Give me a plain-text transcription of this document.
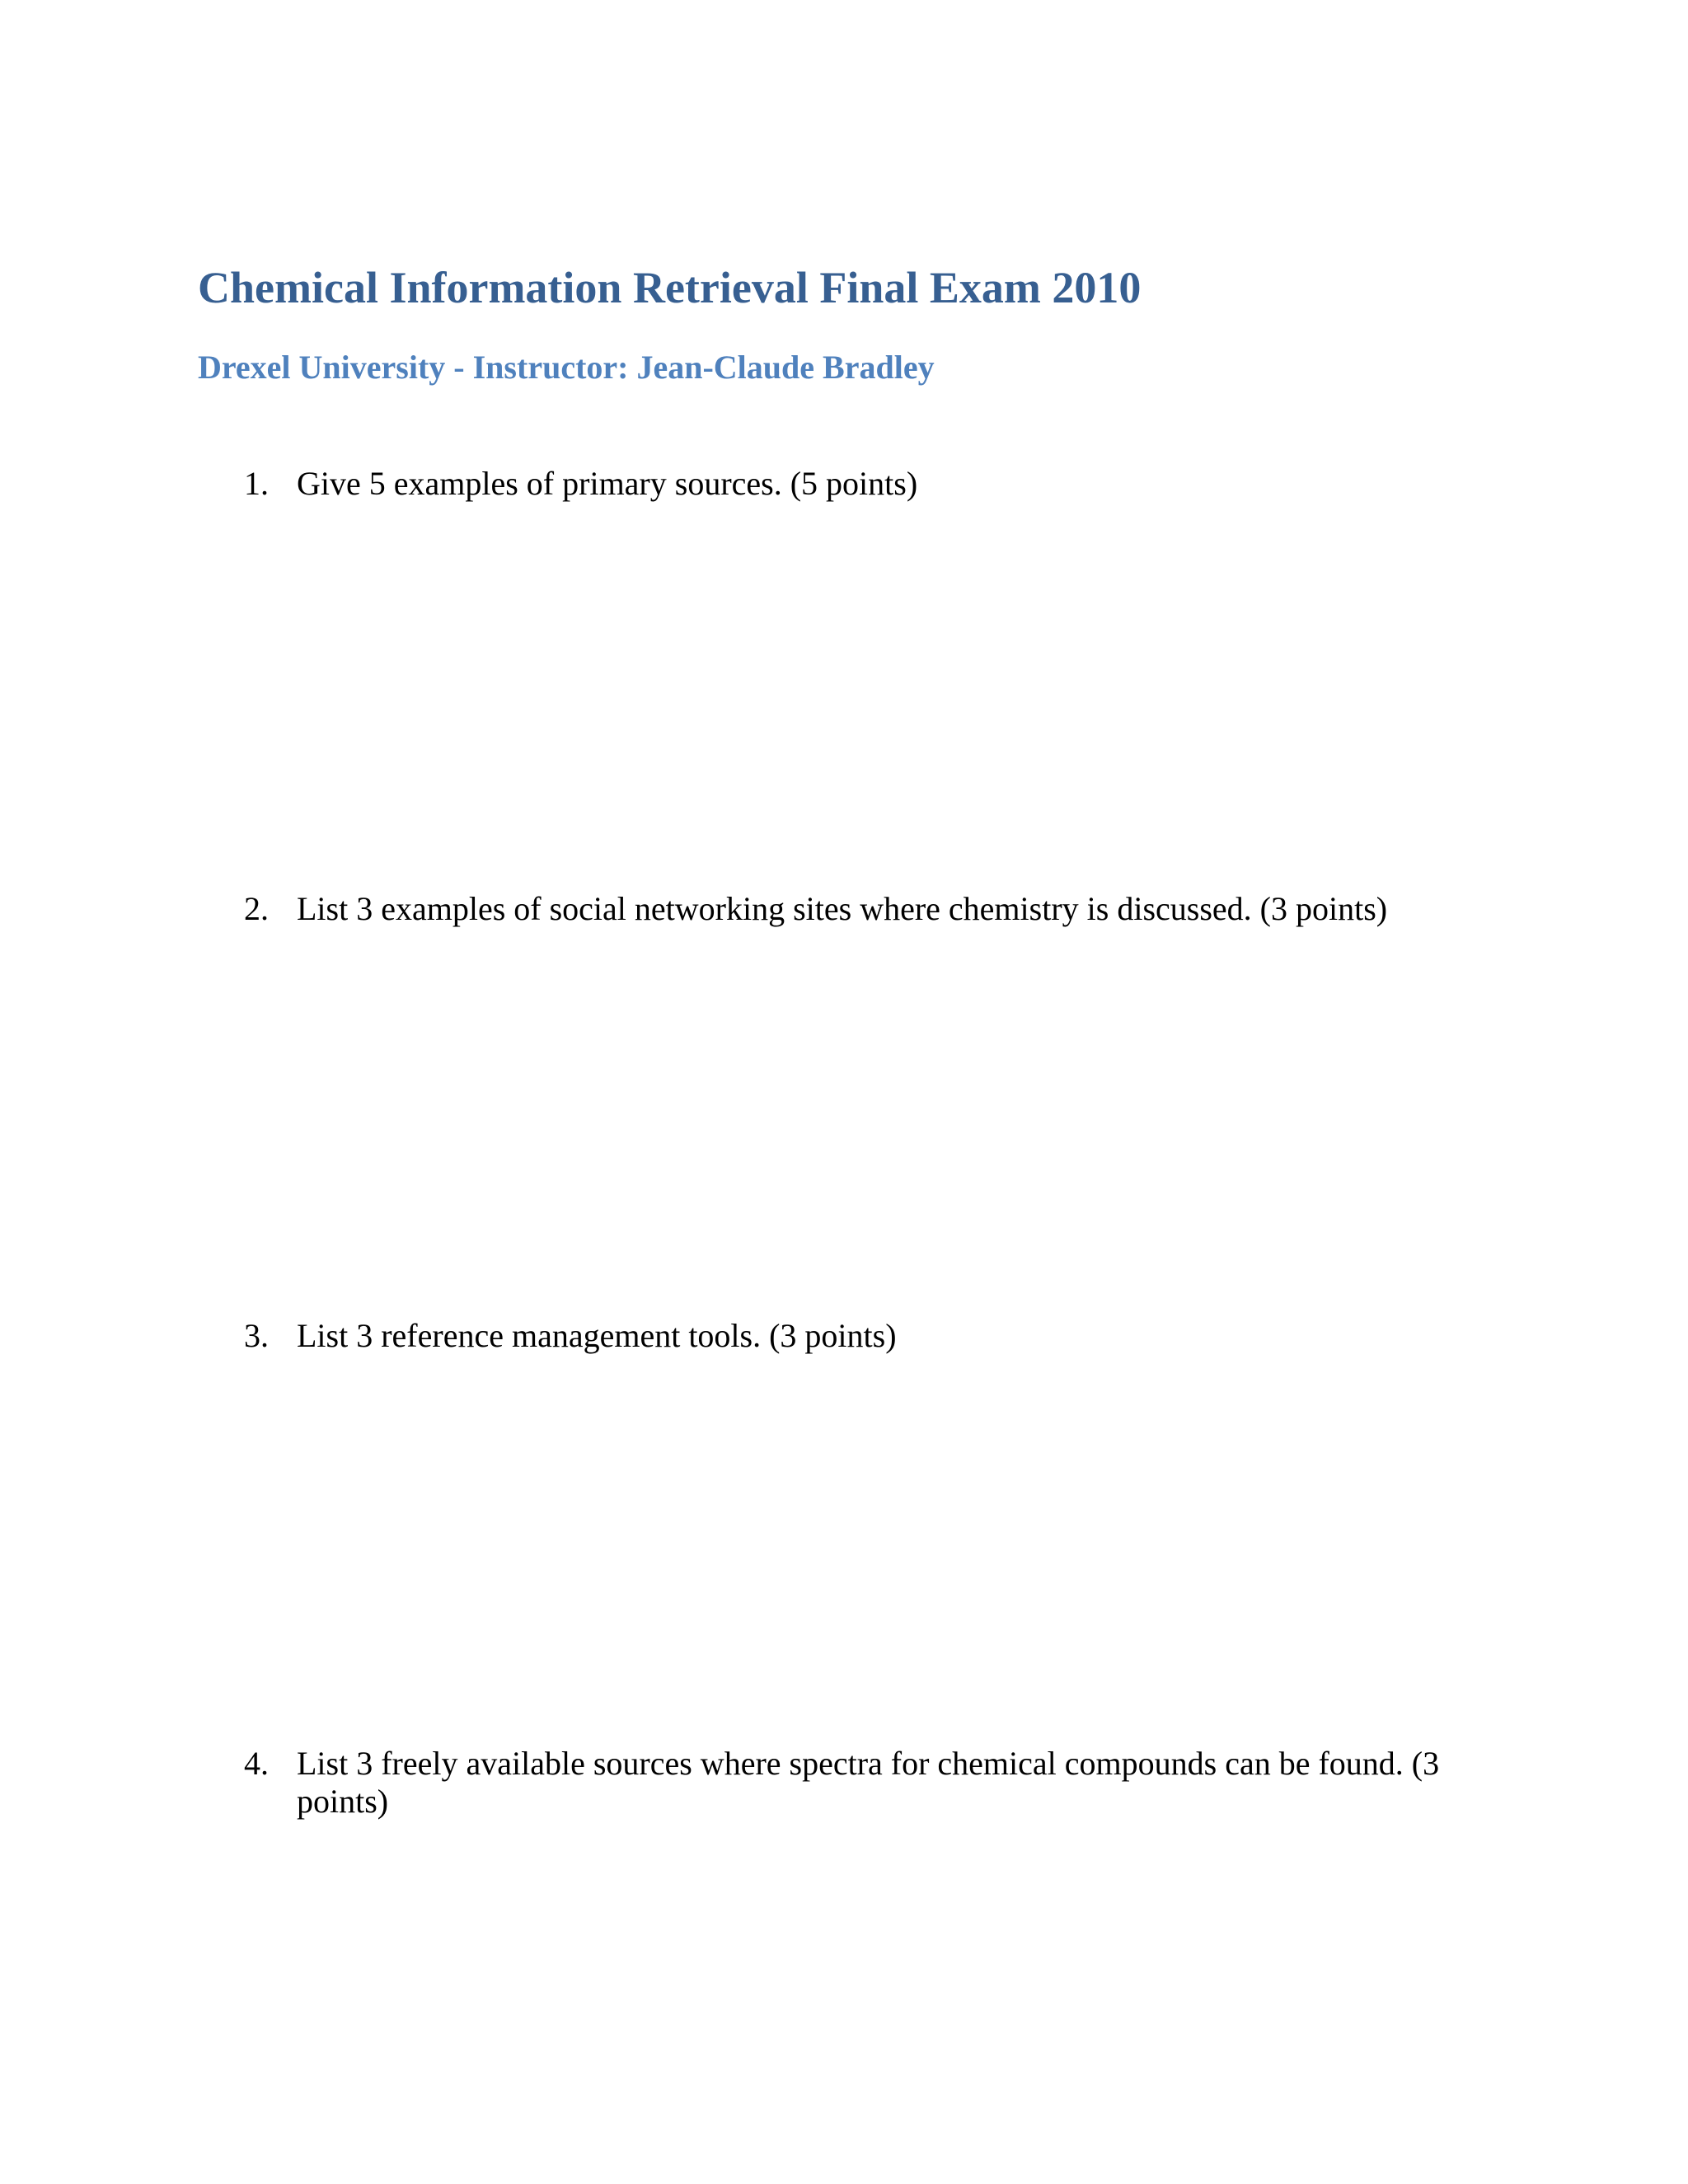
Chemical Information Retrieval Final Exam 2010
Drexel University - Instructor: Jean-Claude Bradley
1. Give 5 examples of primary sources. (5 points)
2. List 3 examples of social networking sites where chemistry is discussed. (3 points)
3. List 3 reference management tools. (3 points)
4. List 3 freely available sources where spectra for chemical compounds can be found. (3 points)
